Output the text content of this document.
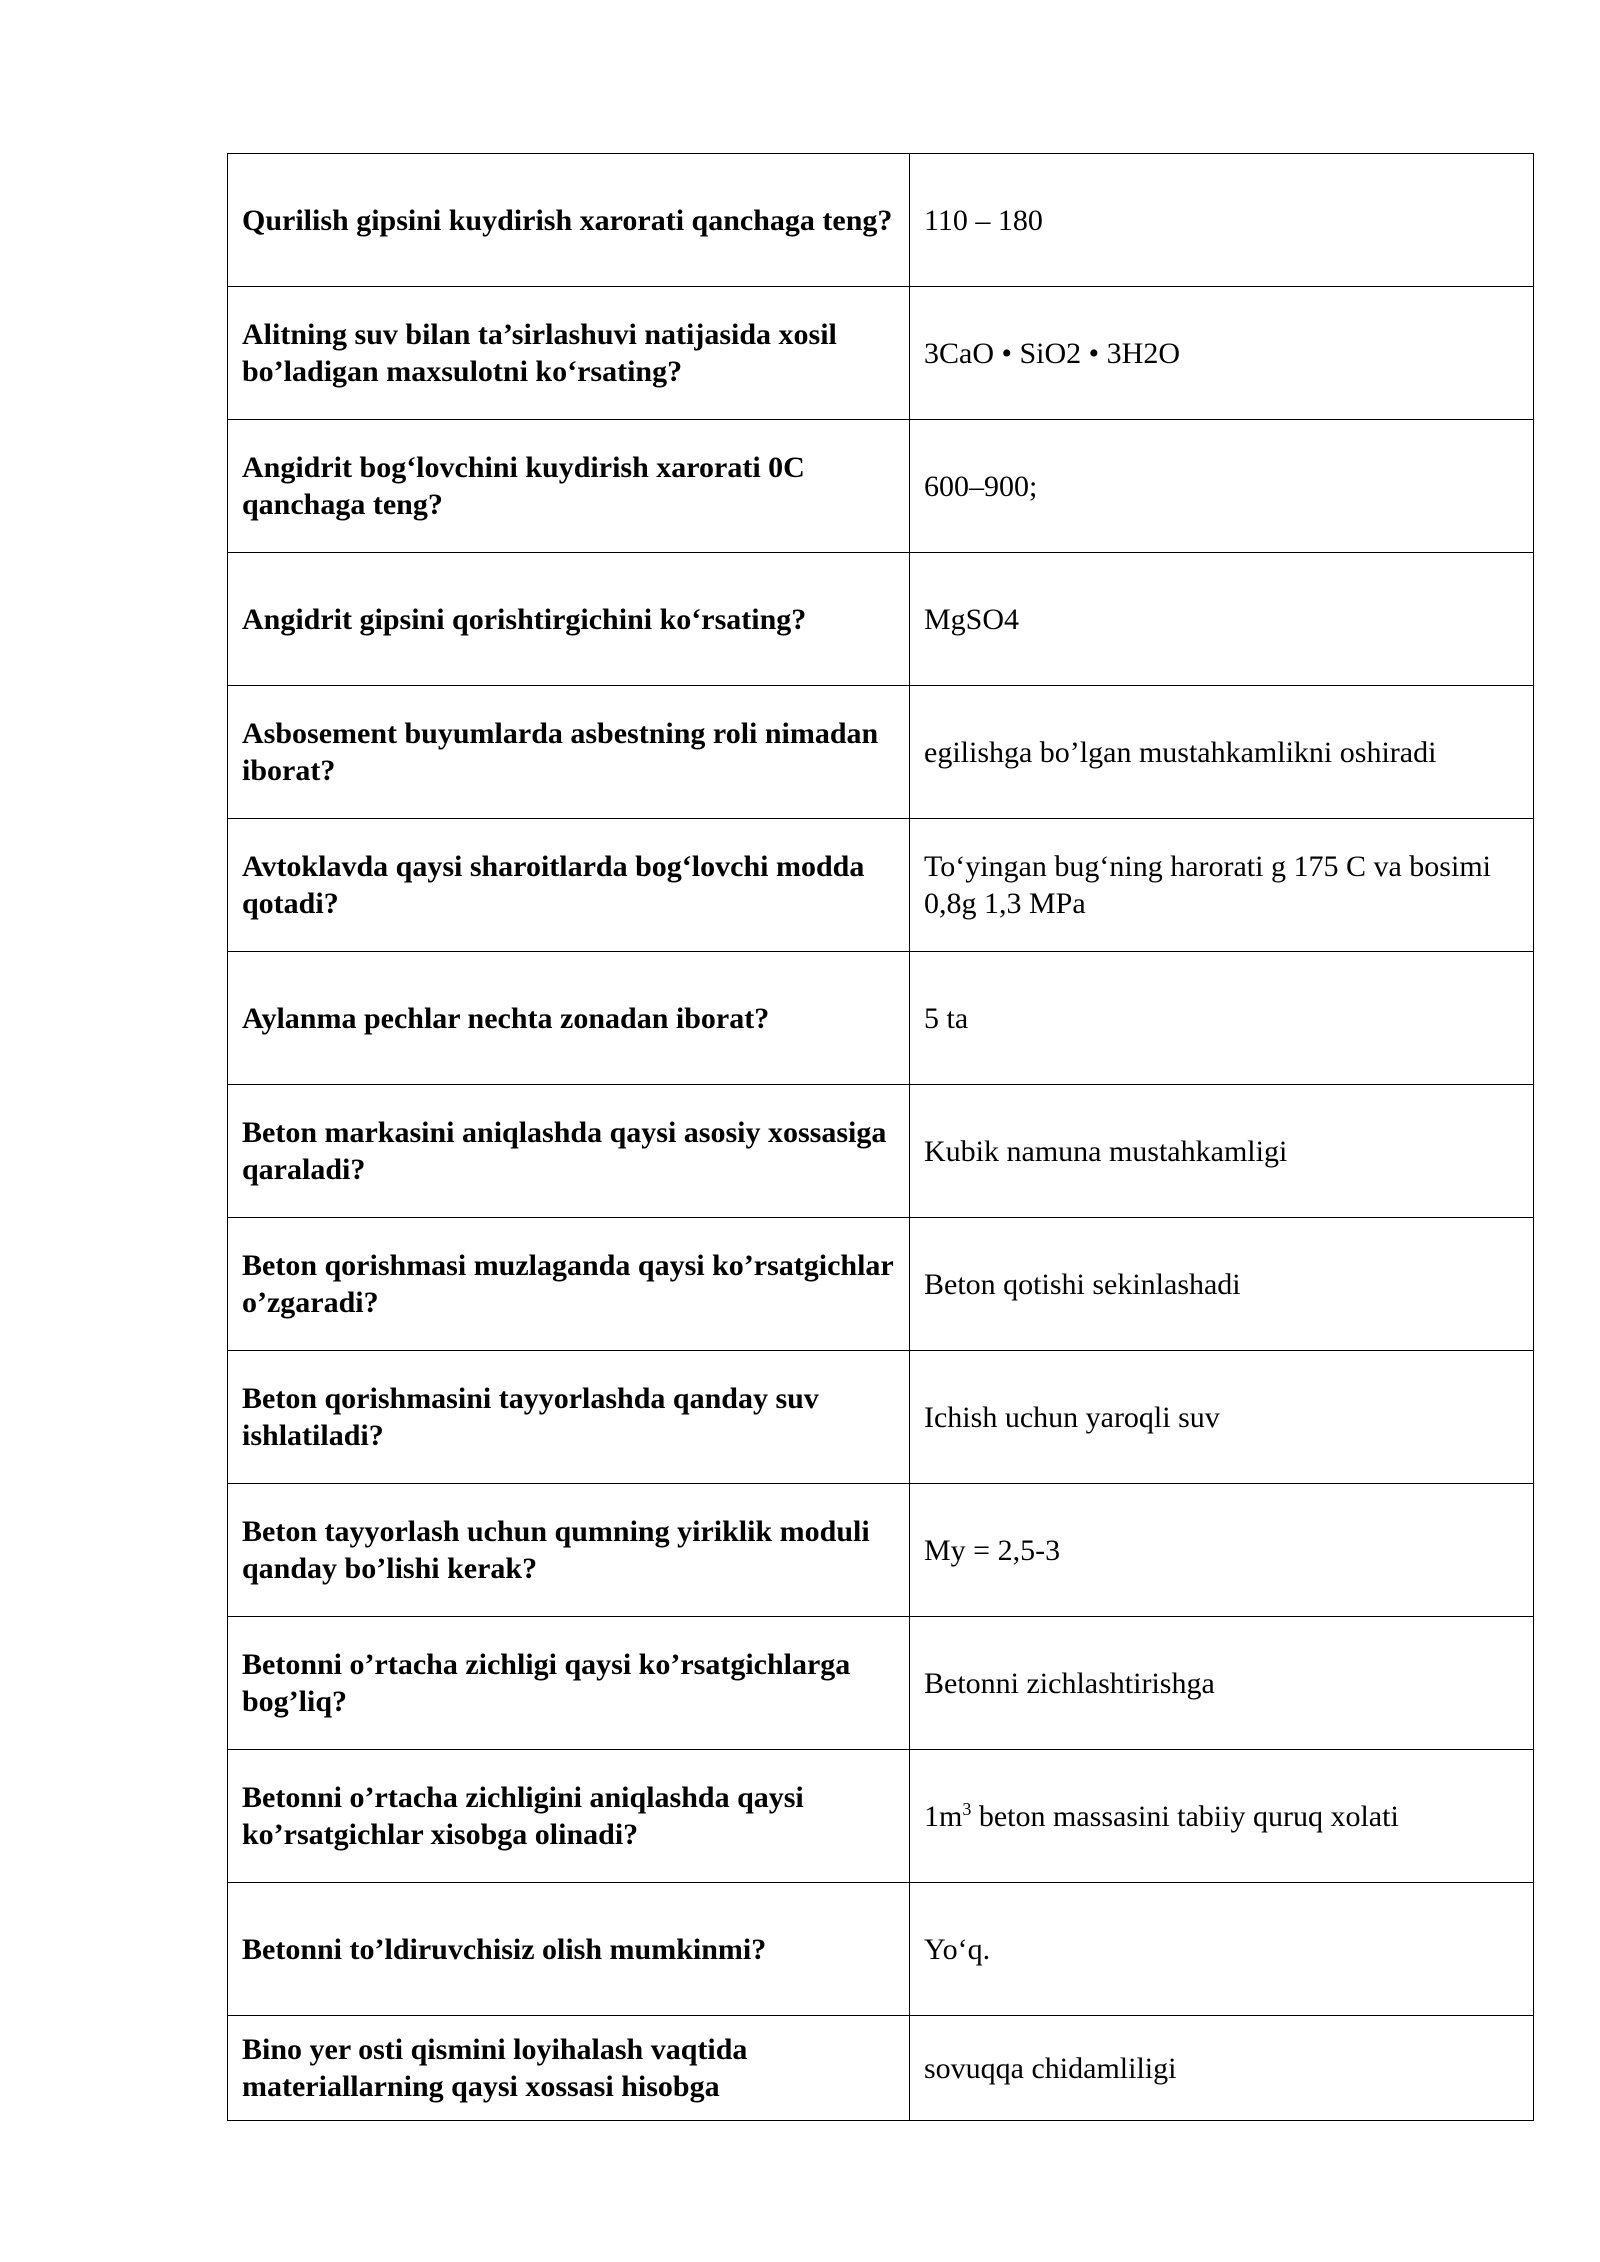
Qurilish gipsini kuydirish xarorati qanchaga teng?	110 – 180
Alitning suv bilan ta’sirlashuvi natijasida xosil bo’ladigan maxsulotni ko‘rsating?	3CaO • SiO2 • 3H2O
Angidrit bog‘lovchini kuydirish xarorati 0C qanchaga teng?	600–900;
Angidrit gipsini qorishtirgichini ko‘rsating?	MgSO4
Asbosement buyumlarda asbestning roli nimadan iborat?	egilishga bo’lgan mustahkamlikni oshiradi
Avtoklavda qaysi sharoitlarda bog‘lovchi modda qotadi?	To‘yingan bug‘ning harorati g 175 C va bosimi 0,8g 1,3 MPa
Aylanma pechlar nechta zonadan iborat?	5 ta
Beton markasini aniqlashda qaysi asosiy xossasiga qaraladi?	Kubik namuna mustahkamligi
Beton qorishmasi muzlaganda qaysi ko’rsatgichlar o’zgaradi?	Beton qotishi sekinlashadi
Beton qorishmasini tayyorlashda qanday suv ishlatiladi?	Ichish uchun yaroqli suv
Beton tayyorlash uchun qumning yiriklik moduli qanday bo’lishi kerak?	My = 2,5-3
Betonni o’rtacha zichligi qaysi ko’rsatgichlarga bog’liq?	Betonni zichlashtirishga
Betonni o’rtacha zichligini aniqlashda qaysi ko’rsatgichlar xisobga olinadi?	$1m^3$ beton massasini tabiiy quruq xolati
Betonni to’ldiruvchisiz olish mumkinmi?	Yo‘q.
Bino yer osti qismini loyihalash vaqtida materiallarning qaysi xossasi hisobga	sovuqqa chidamliligi
